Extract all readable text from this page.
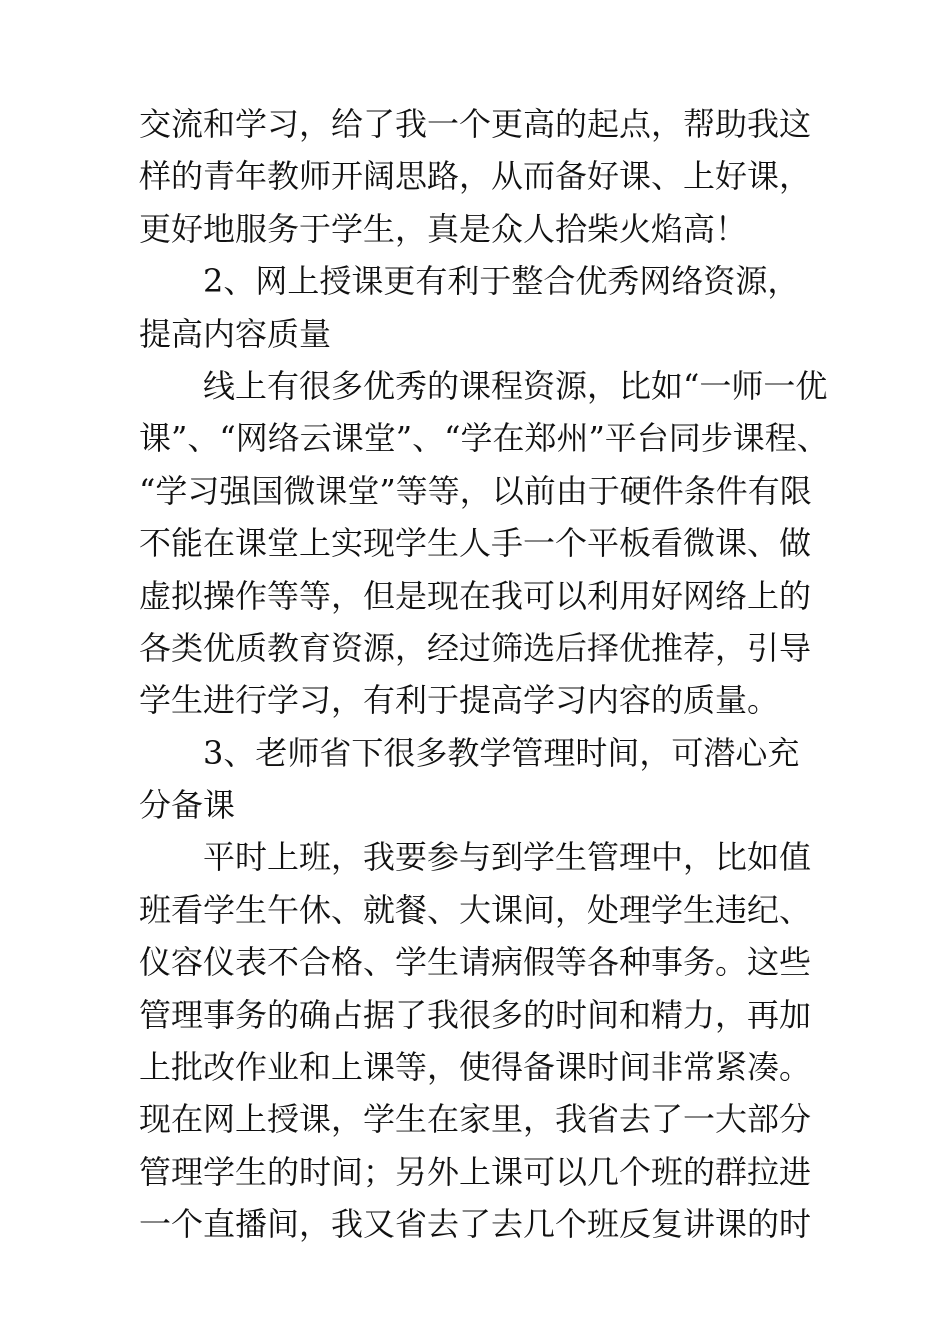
交流和学习，给了我一个更高的起点，帮助我这
样的青年教师开阔思路，从而备好课、上好课，
更好地服务于学生，真是众人拾柴火焰高！
2、网上授课更有利于整合优秀网络资源，
提高内容质量
线上有很多优秀的课程资源，比如“一师一优
课”、“网络云课堂”、“学在郑州”平台同步课程、
“学习强国微课堂”等等，以前由于硬件条件有限
不能在课堂上实现学生人手一个平板看微课、做
虚拟操作等等，但是现在我可以利用好网络上的
各类优质教育资源，经过筛选后择优推荐，引导
学生进行学习，有利于提高学习内容的质量。
3、老师省下很多教学管理时间，可潜心充
分备课
平时上班，我要参与到学生管理中，比如值
班看学生午休、就餐、大课间，处理学生违纪、
仪容仪表不合格、学生请病假等各种事务。这些
管理事务的确占据了我很多的时间和精力，再加
上批改作业和上课等，使得备课时间非常紧凑。
现在网上授课，学生在家里，我省去了一大部分
管理学生的时间；另外上课可以几个班的群拉进
一个直播间，我又省去了去几个班反复讲课的时
